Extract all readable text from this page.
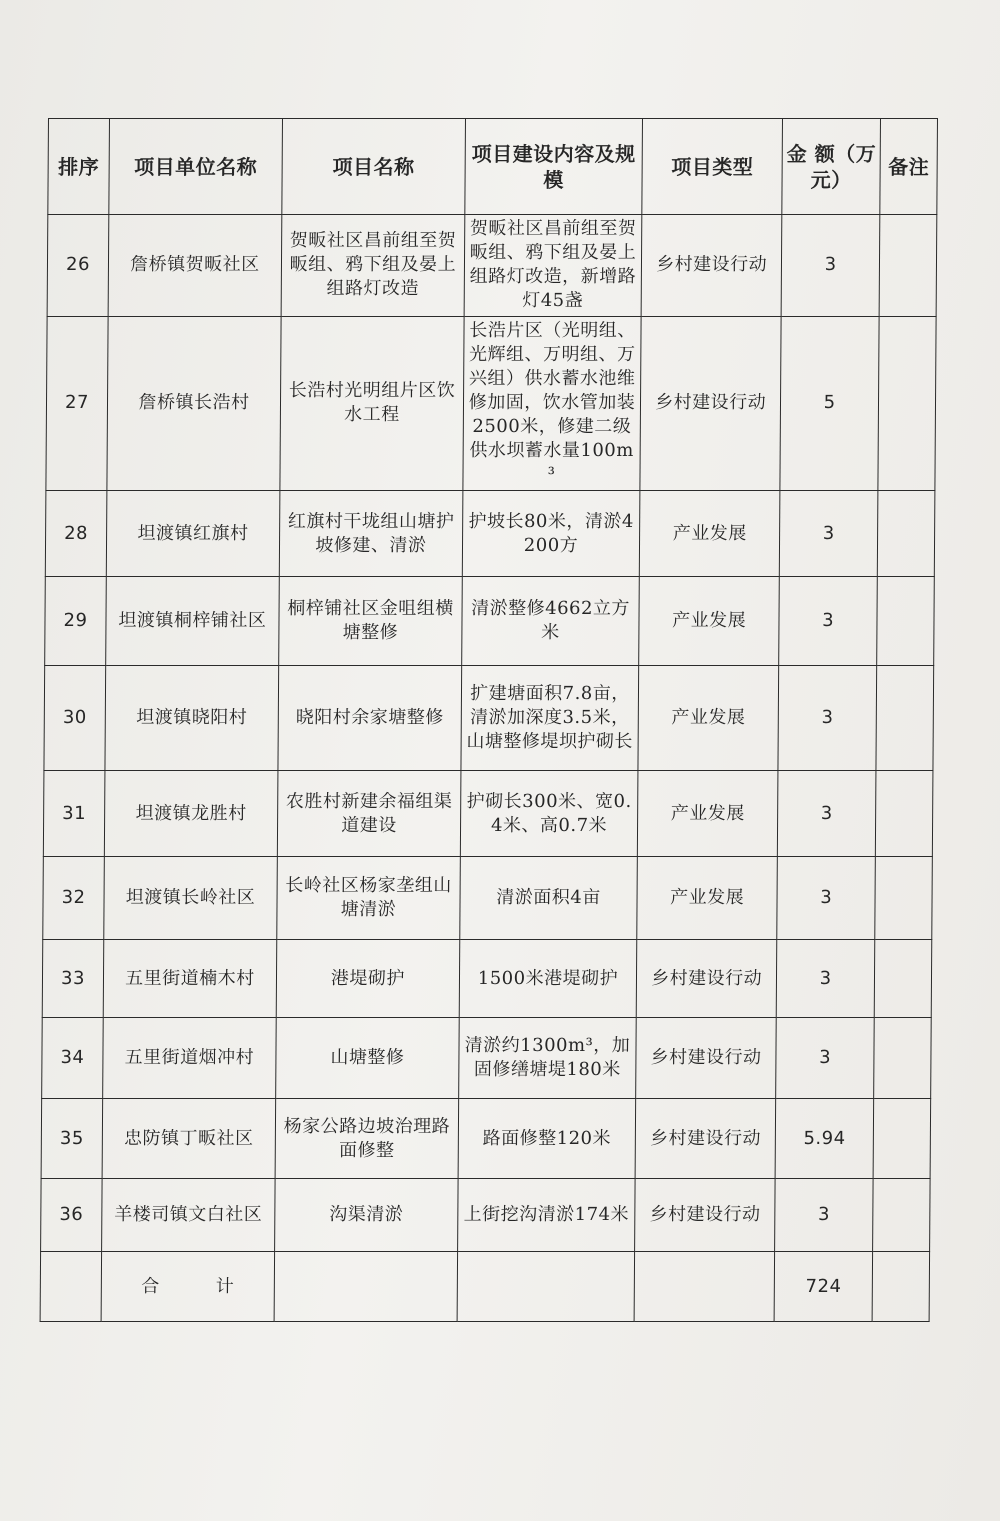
排序	项目单位名称	项目名称	项目建设内容及规模	项目类型	金 额（万元）	备注
26	詹桥镇贺畈社区	贺畈社区昌前组至贺畈组、鸦下组及晏上组路灯改造	贺畈社区昌前组至贺畈组、鸦下组及晏上组路灯改造，新增路灯45盏	乡村建设行动	3	
27	詹桥镇长浩村	长浩村光明组片区饮水工程	长浩片区（光明组、光辉组、万明组、万兴组）供水蓄水池维修加固，饮水管加装2500米，修建二级供水坝蓄水量100m³	乡村建设行动	5	
28	坦渡镇红旗村	红旗村干垅组山塘护坡修建、清淤	护坡长80米，清淤4200方	产业发展	3	
29	坦渡镇桐梓铺社区	桐梓铺社区金咀组横塘整修	清淤整修4662立方米	产业发展	3	
30	坦渡镇晓阳村	晓阳村余家塘整修	扩建塘面积7.8亩，清淤加深度3.5米，山塘整修堤坝护砌长	产业发展	3	
31	坦渡镇龙胜村	农胜村新建余福组渠道建设	护砌长300米、宽0.4米、高0.7米	产业发展	3	
32	坦渡镇长岭社区	长岭社区杨家垄组山塘清淤	清淤面积4亩	产业发展	3	
33	五里街道楠木村	港堤砌护	1500米港堤砌护	乡村建设行动	3	
34	五里街道烟冲村	山塘整修	清淤约1300m³，加固修缮塘堤180米	乡村建设行动	3	
35	忠防镇丁畈社区	杨家公路边坡治理路面修整	路面修整120米	乡村建设行动	5.94	
36	羊楼司镇文白社区	沟渠清淤	上街挖沟清淤174米	乡村建设行动	3	
	合 计				724	
